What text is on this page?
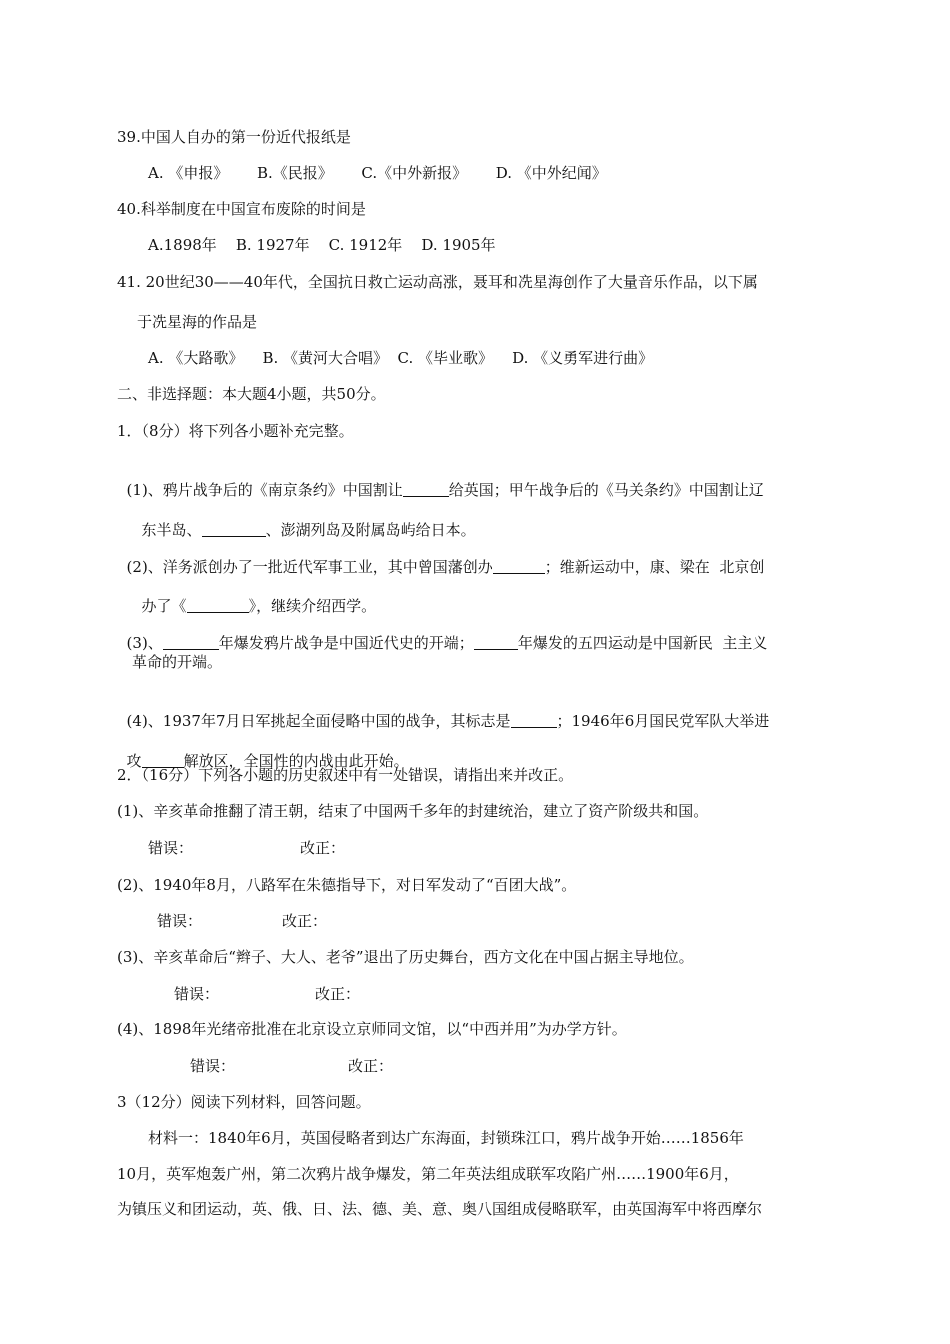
39.中国人自办的第一份近代报纸是
A. 《申报》      B.《民报》      C.《中外新报》      D. 《中外纪闻》
40.科举制度在中国宣布废除的时间是
A.1898年    B. 1927年    C. 1912年    D. 1905年
41. 20世纪30——40年代，全国抗日救亡运动高涨，聂耳和冼星海创作了大量音乐作品，以下属
于冼星海的作品是
A. 《大路歌》    B. 《黄河大合唱》  C. 《毕业歌》    D. 《义勇军进行曲》
二、非选择题：本大题4小题，共50分。
1．（8分）将下列各小题补充完整。

(1)、鸦片战争后的《南京条约》中国割让	给英国；甲午战争后的《马关条约》中国割让辽

东半岛、	、澎湖列岛及附属岛屿给日本。

(2)、洋务派创办了一批近代军事工业，其中曾国藩创办	；维新运动中，康、梁在  北京创

办了《	》，继续介绍西学。

(3)、	年爆发鸦片战争是中国近代史的开端；	年爆发的五四运动是中国新民  主主义

革命的开端。

(4)、1937年7月日军挑起全面侵略中国的战争，其标志是	；1946年6月国民党军队大举进

攻	解放区，全国性的内战由此开始。

2．（16分）下列各小题的历史叙述中有一处错误，请指出来并改正。
(1)、辛亥革命推翻了清王朝，结束了中国两千多年的封建统治，建立了资产阶级共和国。
错误：	改正：
(2)、1940年8月，八路军在朱德指导下，对日军发动了“百团大战”。
错误：	改正：
(3)、辛亥革命后“辫子、大人、老爷”退出了历史舞台，西方文化在中国占据主导地位。
错误：	改正：
(4)、1898年光绪帝批准在北京设立京师同文馆，以“中西并用”为办学方针。
错误：	改正：
3（12分）阅读下列材料，回答问题。
材料一：1840年6月，英国侵略者到达广东海面，封锁珠江口，鸦片战争开始……1856年
10月，英军炮轰广州，第二次鸦片战争爆发，第二年英法组成联军攻陷广州……1900年6月，
为镇压义和团运动，英、俄、日、法、德、美、意、奥八国组成侵略联军，由英国海军中将西摩尔
